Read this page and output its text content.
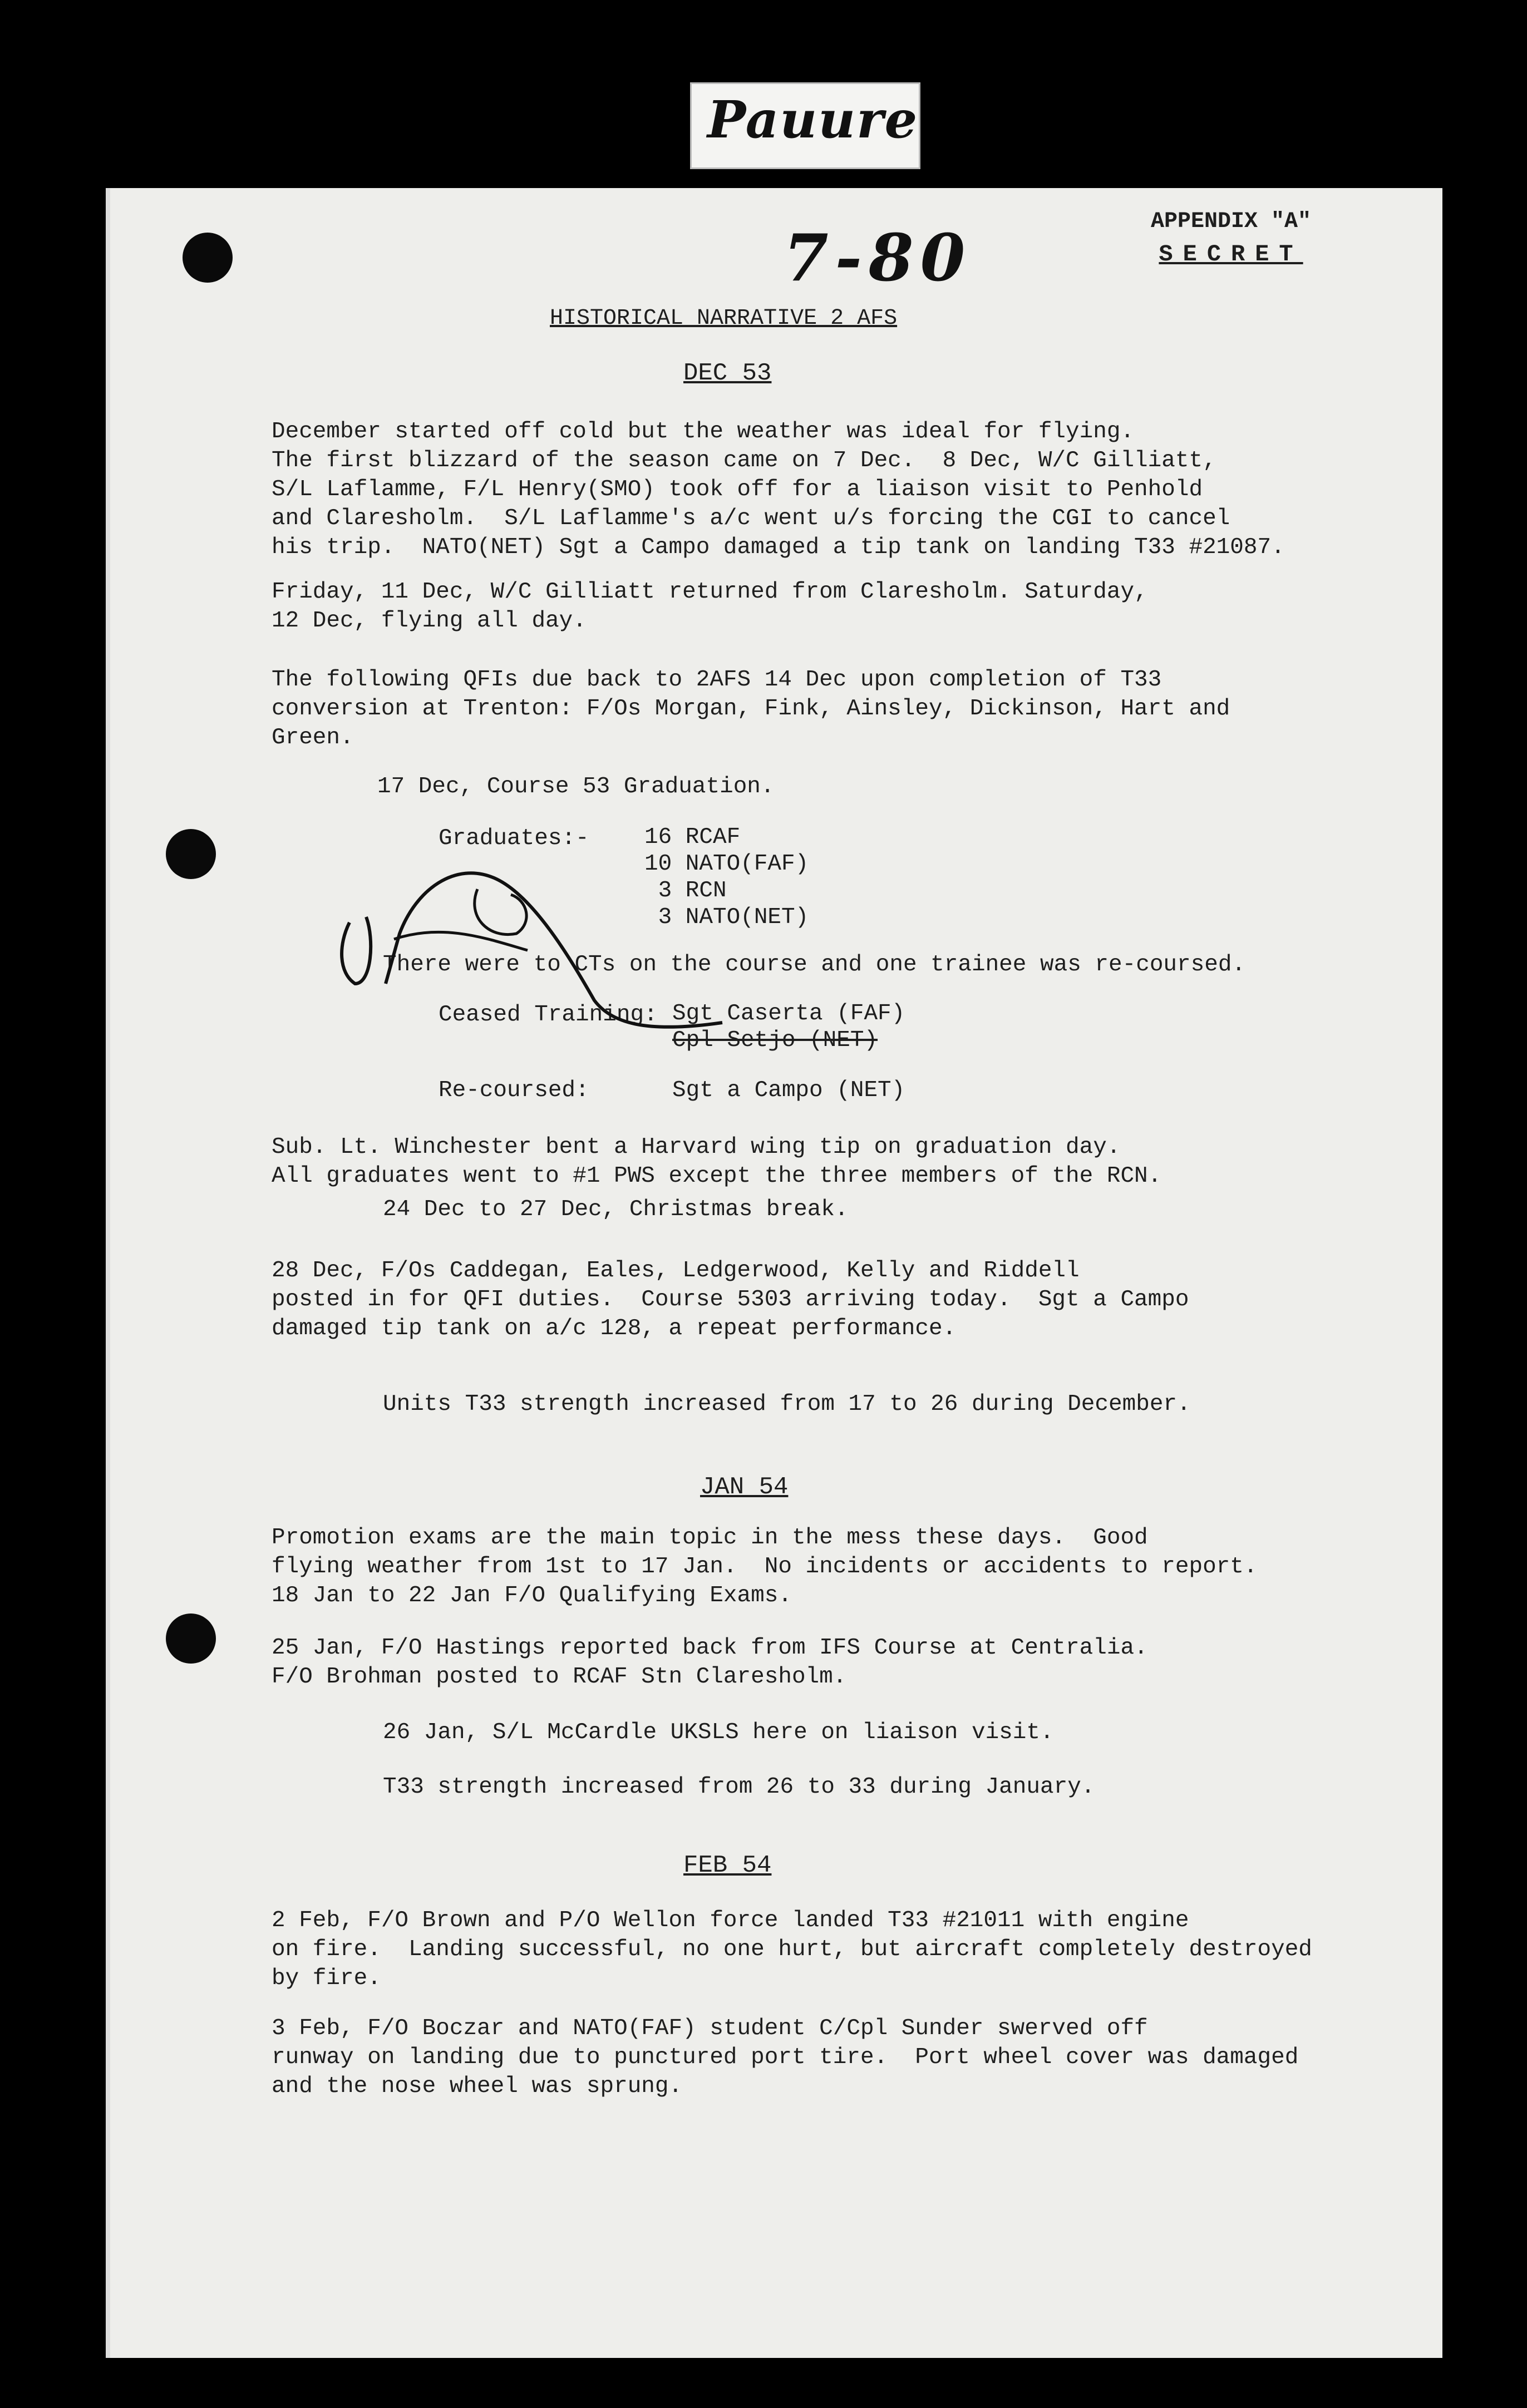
Pauure
7-80	APPENDIX "A"
SECRET
HISTORICAL NARRATIVE 2 AFS
DEC 53
December started off cold but the weather was ideal for flying.
The first blizzard of the season came on 7 Dec.  8 Dec, W/C Gilliatt,
S/L Laflamme, F/L Henry(SMO) took off for a liaison visit to Penhold
and Claresholm.  S/L Laflamme's a/c went u/s forcing the CGI to cancel
his trip.  NATO(NET) Sgt a Campo damaged a tip tank on landing T33 #21087.
Friday, 11 Dec, W/C Gilliatt returned from Claresholm. Saturday,
12 Dec, flying all day.
The following QFIs due back to 2AFS 14 Dec upon completion of T33
conversion at Trenton: F/Os Morgan, Fink, Ainsley, Dickinson, Hart and
Green.
17 Dec, Course 53 Graduation.
Graduates:- 16 RCAF
10 NATO(FAF)
3 RCN
3 NATO(NET)
There were to CTs on the course and one trainee was re-coursed.
Ceased Training: Sgt Caserta (FAF)
Cpl Setjo (NET)
Re-coursed:	Sgt a Campo (NET)
Sub. Lt. Winchester bent a Harvard wing tip on graduation day.
All graduates went to #1 PWS except the three members of the RCN.
24 Dec to 27 Dec, Christmas break.
28 Dec, F/Os Caddegan, Eales, Ledgerwood, Kelly and Riddell
posted in for QFI duties.  Course 5303 arriving today.  Sgt a Campo
damaged tip tank on a/c 128, a repeat performance.
Units T33 strength increased from 17 to 26 during December.
JAN 54
Promotion exams are the main topic in the mess these days.  Good
flying weather from 1st to 17 Jan.  No incidents or accidents to report.
18 Jan to 22 Jan F/O Qualifying Exams.
25 Jan, F/O Hastings reported back from IFS Course at Centralia.
F/O Brohman posted to RCAF Stn Claresholm.
26 Jan, S/L McCardle UKSLS here on liaison visit.
T33 strength increased from 26 to 33 during January.
FEB 54
2 Feb, F/O Brown and P/O Wellon force landed T33 #21011 with engine
on fire.  Landing successful, no one hurt, but aircraft completely destroyed
by fire.
3 Feb, F/O Boczar and NATO(FAF) student C/Cpl Sunder swerved off
runway on landing due to punctured port tire.  Port wheel cover was damaged
and the nose wheel was sprung.
